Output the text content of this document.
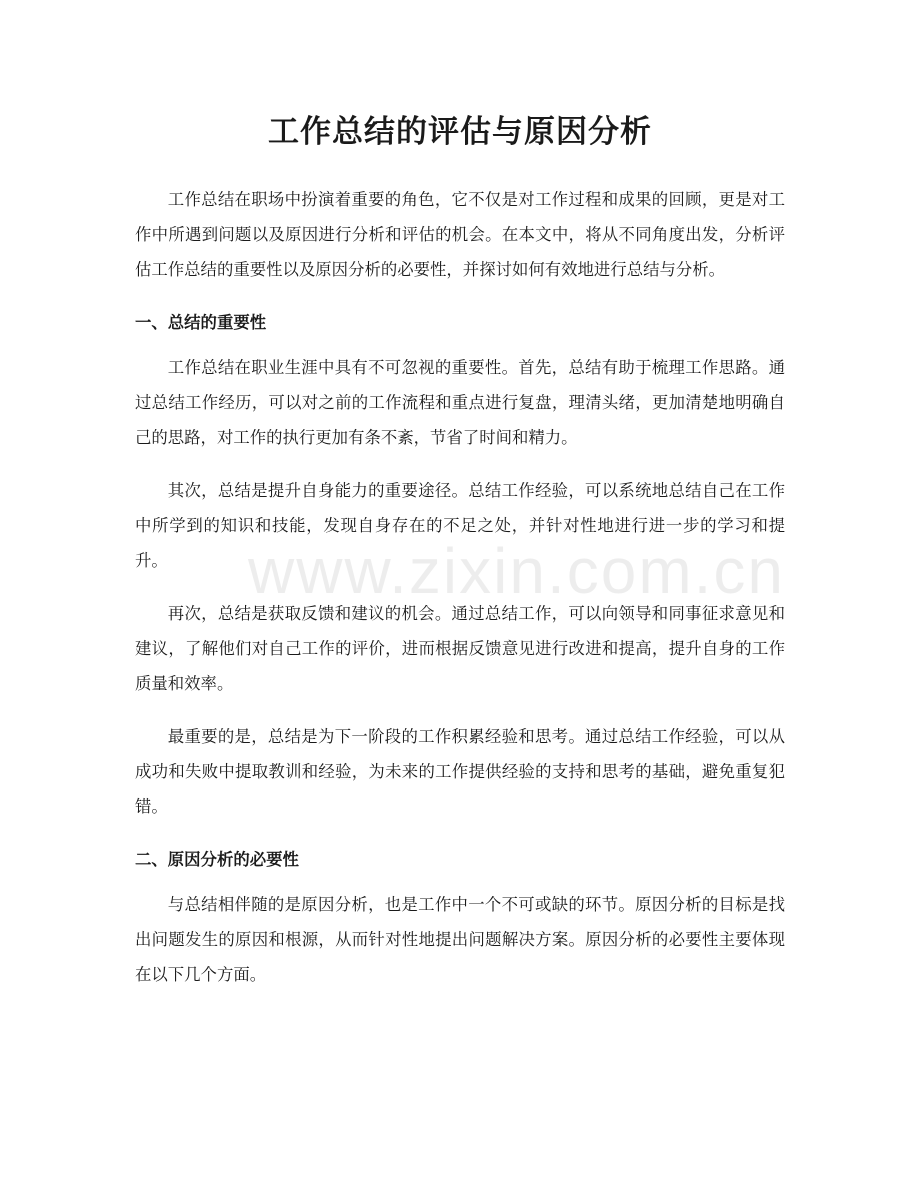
工作总结的评估与原因分析
www.zixin.com.cn

工作总结在职场中扮演着重要的角色，它不仅是对工作过程和成果的回顾，更是对工作中所遇到问题以及原因进行分析和评估的机会。在本文中，将从不同角度出发，分析评估工作总结的重要性以及原因分析的必要性，并探讨如何有效地进行总结与分析。

一、总结的重要性

工作总结在职业生涯中具有不可忽视的重要性。首先，总结有助于梳理工作思路。通过总结工作经历，可以对之前的工作流程和重点进行复盘，理清头绪，更加清楚地明确自己的思路，对工作的执行更加有条不紊，节省了时间和精力。

其次，总结是提升自身能力的重要途径。总结工作经验，可以系统地总结自己在工作中所学到的知识和技能，发现自身存在的不足之处，并针对性地进行进一步的学习和提升。

再次，总结是获取反馈和建议的机会。通过总结工作，可以向领导和同事征求意见和建议，了解他们对自己工作的评价，进而根据反馈意见进行改进和提高，提升自身的工作质量和效率。

最重要的是，总结是为下一阶段的工作积累经验和思考。通过总结工作经验，可以从成功和失败中提取教训和经验，为未来的工作提供经验的支持和思考的基础，避免重复犯错。

二、原因分析的必要性

与总结相伴随的是原因分析，也是工作中一个不可或缺的环节。原因分析的目标是找出问题发生的原因和根源，从而针对性地提出问题解决方案。原因分析的必要性主要体现在以下几个方面。
